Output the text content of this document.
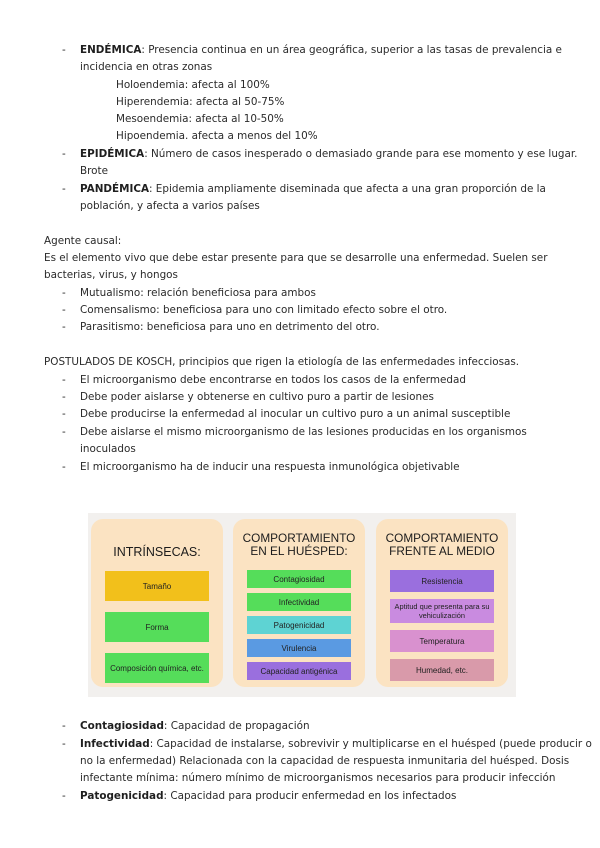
- ENDÉMICA: Presencia continua en un área geográfica, superior a las tasas de prevalencia e
incidencia en otras zonas
Holoendemia: afecta al 100%
Hiperendemia: afecta al 50-75%
Mesoendemia: afecta al 10-50%
Hipoendemia. afecta a menos del 10%
- EPIDÉMICA: Número de casos inesperado o demasiado grande para ese momento y ese lugar.
Brote
- PANDÉMICA: Epidemia ampliamente diseminada que afecta a una gran proporción de la
población, y afecta a varios países
Agente causal:
Es el elemento vivo que debe estar presente para que se desarrolle una enfermedad. Suelen ser
bacterias, virus, y hongos
- Mutualismo: relación beneficiosa para ambos
- Comensalismo: beneficiosa para uno con limitado efecto sobre el otro.
- Parasitismo: beneficiosa para uno en detrimento del otro.
POSTULADOS DE KOSCH, principios que rigen la etiología de las enfermedades infecciosas.
- El microorganismo debe encontrarse en todos los casos de la enfermedad
- Debe poder aislarse y obtenerse en cultivo puro a partir de lesiones
- Debe producirse la enfermedad al inocular un cultivo puro a un animal susceptible
- Debe aislarse el mismo microorganismo de las lesiones producidas en los organismos
inoculados
- El microorganismo ha de inducir una respuesta inmunológica objetivable
INTRÍNSECAS:
Tamaño
Forma
Composición química, etc.
COMPORTAMIENTO
EN EL HUÉSPED:
Contagiosidad
Infectividad
Patogenicidad
Virulencia
Capacidad antigénica
COMPORTAMIENTO
FRENTE AL MEDIO
Resistencia
Aptitud que presenta para su vehiculización
Temperatura
Humedad, etc.
- Contagiosidad: Capacidad de propagación
- Infectividad: Capacidad de instalarse, sobrevivir y multiplicarse en el huésped (puede producir o
no la enfermedad) Relacionada con la capacidad de respuesta inmunitaria del huésped. Dosis
infectante mínima: número mínimo de microorganismos necesarios para producir infección
- Patogenicidad: Capacidad para producir enfermedad en los infectados
